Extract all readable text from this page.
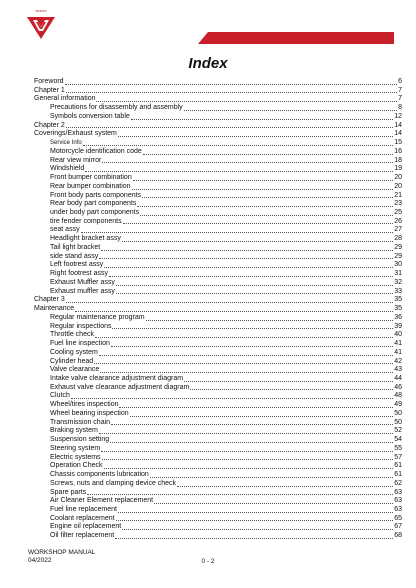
MORINI	X-CAPE 650
Index
Foreword	6
Chapter 1	7
General information	7
Precautions for disassembly and assembly	8
Symbols conversion table	12
Chapter 2	14
Coverings/Exhaust system	14
Service Info	15
Motorcycle identification code	16
Rear view mirror	18
Windshield	19
Front bumper combination	20
Rear bumper combination	20
Front body parts components	21
Rear body part components	23
under body part components	25
tire fender components	26
seat assy	27
Headlight bracket assy	28
Tail light bracket	29
side stand assy	29
Left footrest assy	30
Right footrest assy	31
Exhaust Muffler assy	32
Exhaust muffler assy	33
Chapter 3	35
Maintenance	35
Regular maintenance program	36
Regular inspections	39
Throttle check	40
Fuel line inspection	41
Cooling system	41
Cylinder head	42
Valve clearance	43
Intake valve clearance adjustment diagram	44
Exhaust valve clearance adjustment diagram	46
Clutch	48
Wheel/tires inspection	49
Wheel bearing inspection	50
Transmission chain	50
Braking system	52
Suspension setting	54
Steering system	55
Electric systems	57
Operation Check	61
Chassis components lubrication	61
Screws, nuts and clamping device check	62
Spare parts	63
Air Cleaner Element replacement	63
Fuel line replacement	63
Coolant replacement	65
Engine oil replacement	67
Oil filter replacement	68
WORKSHOP MANUAL
04/2022	0 - 2
